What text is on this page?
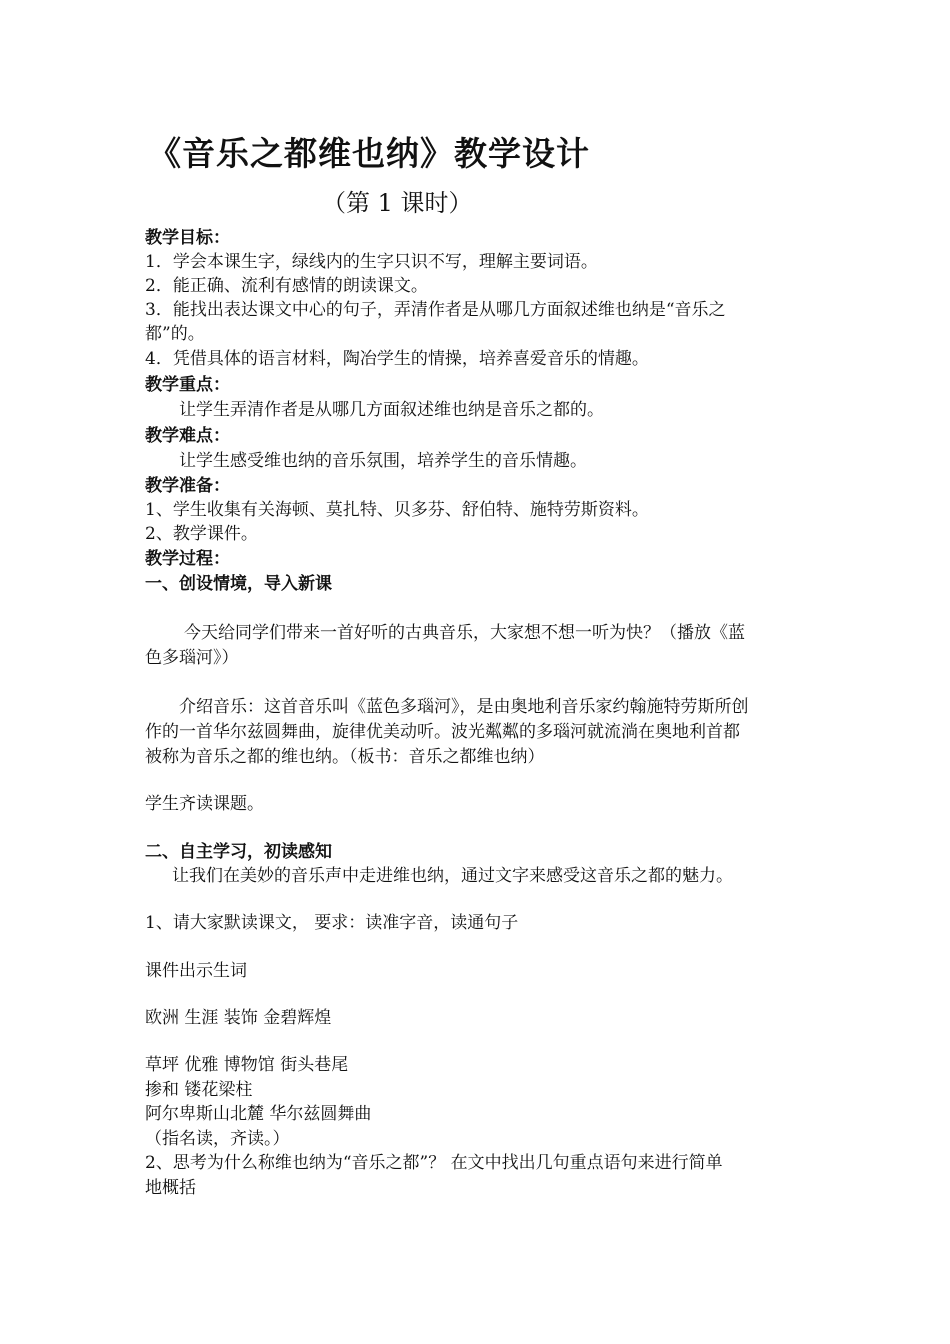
《音乐之都维也纳》教学设计
（第 1 课时）
教学目标：
1．学会本课生字，绿线内的生字只识不写，理解主要词语。
2．能正确、流利有感情的朗读课文。
3．能找出表达课文中心的句子，弄清作者是从哪几方面叙述维也纳是“音乐之
都”的。
4．凭借具体的语言材料，陶冶学生的情操，培养喜爱音乐的情趣。
教学重点：
让学生弄清作者是从哪几方面叙述维也纳是音乐之都的。
教学难点：
让学生感受维也纳的音乐氛围，培养学生的音乐情趣。
教学准备：
1、学生收集有关海顿、莫扎特、贝多芬、舒伯特、施特劳斯资料。
2、教学课件。
教学过程：
一、创设情境，导入新课
今天给同学们带来一首好听的古典音乐，大家想不想一听为快？（播放《蓝
色多瑙河》）
介绍音乐：这首音乐叫《蓝色多瑙河》，是由奥地利音乐家约翰施特劳斯所创
作的一首华尔兹圆舞曲，旋律优美动听。波光粼粼的多瑙河就流淌在奥地利首都
被称为音乐之都的维也纳。（板书：音乐之都维也纳）
学生齐读课题。
二、自主学习，初读感知
让我们在美妙的音乐声中走进维也纳，通过文字来感受这音乐之都的魅力。
1、请大家默读课文， 要求：读准字音，读通句子
课件出示生词
欧洲 生涯 装饰 金碧辉煌
草坪 优雅 博物馆 街头巷尾
掺和 镂花梁柱
阿尔卑斯山北麓 华尔兹圆舞曲
（指名读，齐读。）
2、思考为什么称维也纳为“音乐之都”？ 在文中找出几句重点语句来进行简单
地概括
